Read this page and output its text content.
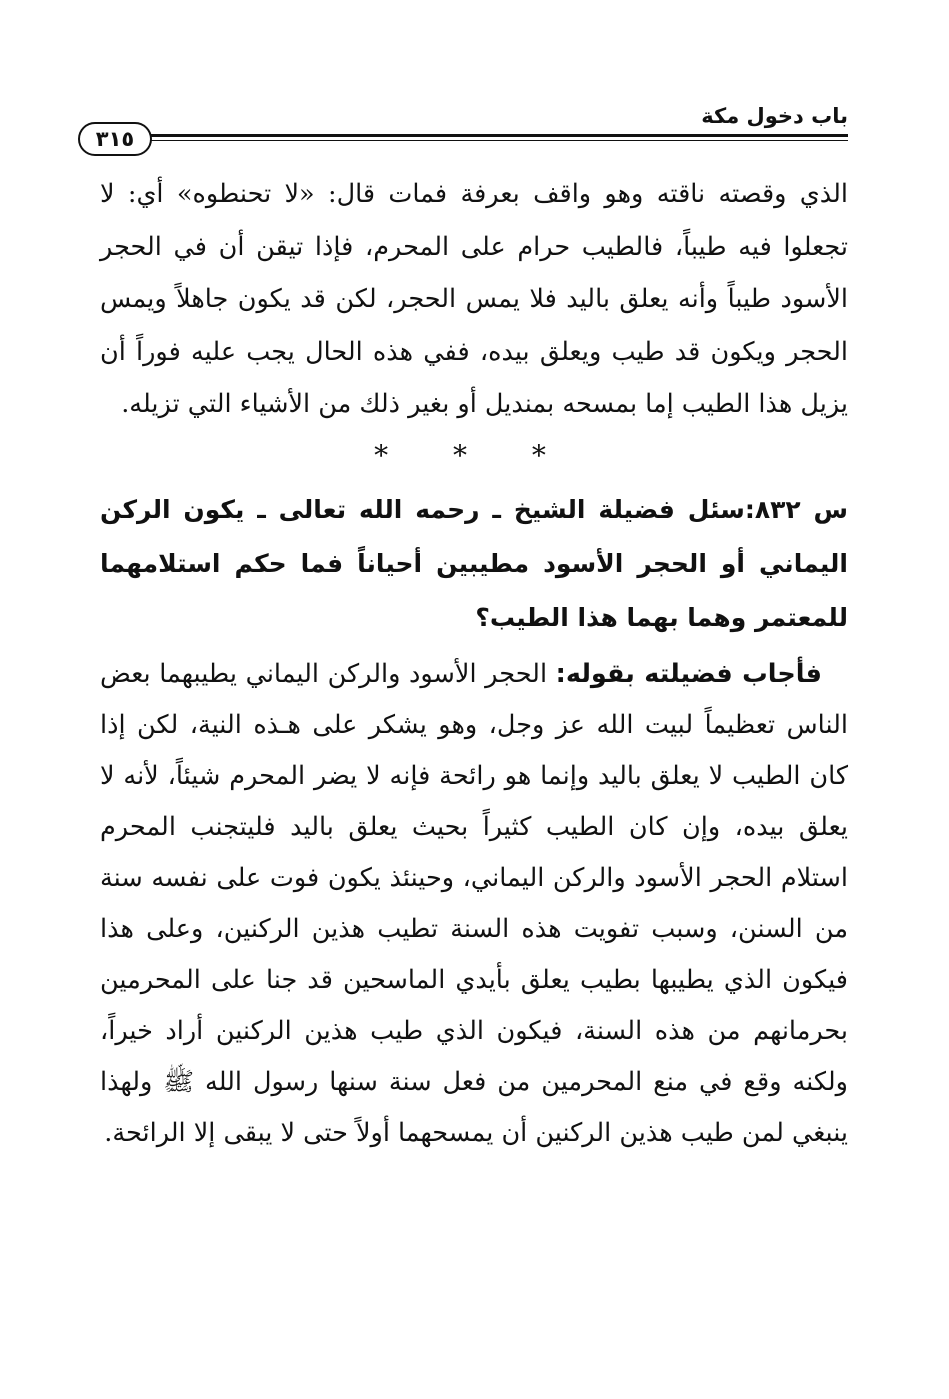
باب دخول مكة
٣١٥

الذي وقصته ناقته وهو واقف بعرفة فمات قال: «لا تحنطوه» أي: لا تجعلوا فيه طيباً، فالطيب حرام على المحرم، فإذا تيقن أن في الحجر الأسود طيباً وأنه يعلق باليد فلا يمس الحجر، لكن قد يكون جاهلاً ويمس الحجر ويكون قد طيب ويعلق بيده، ففي هذه الحال يجب عليه فوراً أن يزيل هذا الطيب إما بمسحه بمنديل أو بغير ذلك من الأشياء التي تزيله.

* * *

س ٨٣٢:سئل فضيلة الشيخ ـ رحمه الله تعالى ـ يكون الركن اليماني أو الحجر الأسود مطيبين أحياناً فما حكم استلامهما للمعتمر وهما بهما هذا الطيب؟

فأجاب فضيلته بقوله: الحجر الأسود والركن اليماني يطيبهما بعض الناس تعظيماً لبيت الله عز وجل، وهو يشكر على هـذه النية، لكن إذا كان الطيب لا يعلق باليد وإنما هو رائحة فإنه لا يضر المحرم شيئاً، لأنه لا يعلق بيده، وإن كان الطيب كثيراً بحيث يعلق باليد فليتجنب المحرم استلام الحجر الأسود والركن اليماني، وحينئذ يكون فوت على نفسه سنة من السنن، وسبب تفويت هذه السنة تطيب هذين الركنين، وعلى هذا فيكون الذي يطيبها بطيب يعلق بأيدي الماسحين قد جنا على المحرمين بحرمانهم من هذه السنة، فيكون الذي طيب هذين الركنين أراد خيراً، ولكنه وقع في منع المحرمين من فعل سنة سنها رسول الله ﷺ ولهذا ينبغي لمن طيب هذين الركنين أن يمسحهما أولاً حتى لا يبقى إلا الرائحة.
